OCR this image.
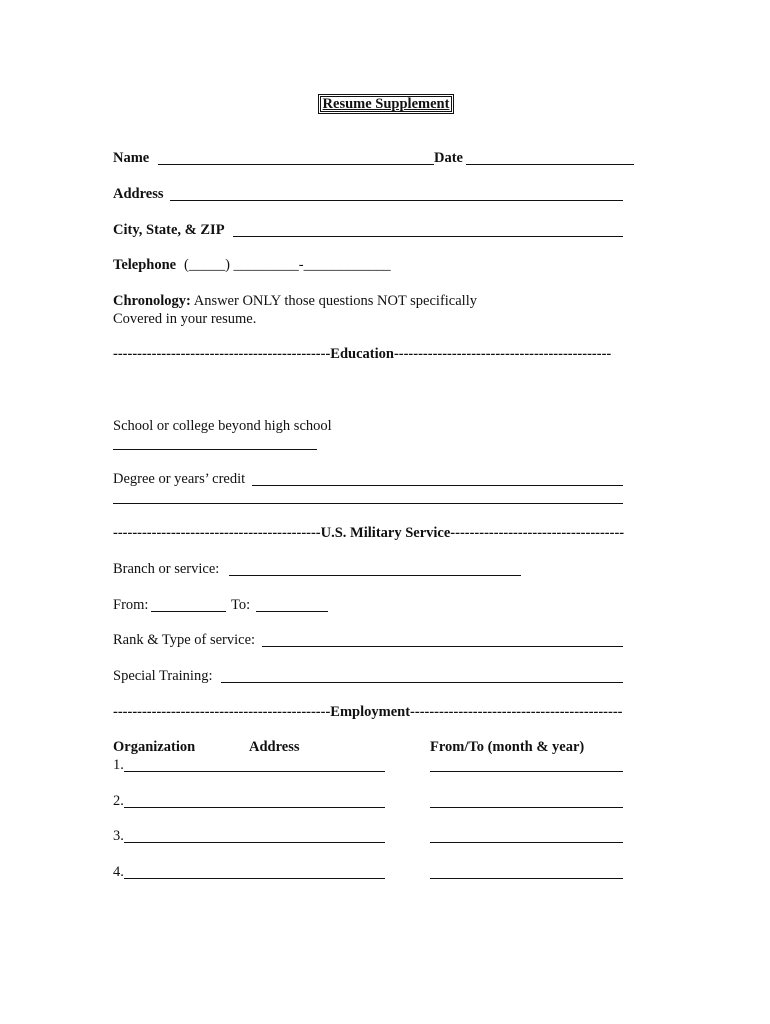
Resume Supplement
Name	Date
Address
City, State, & ZIP
Telephone (_____) _________-____________
Chronology: Answer ONLY those questions NOT specifically
Covered in your resume.
---------------------------------------------Education---------------------------------------------
School or college beyond high school
Degree or years’ credit
-------------------------------------------U.S. Military Service------------------------------------
Branch or service:
From:	To:
Rank & Type of service:
Special Training:
---------------------------------------------Employment--------------------------------------------
Organization	Address	From/To (month & year)
1.
2.
3.
4.
